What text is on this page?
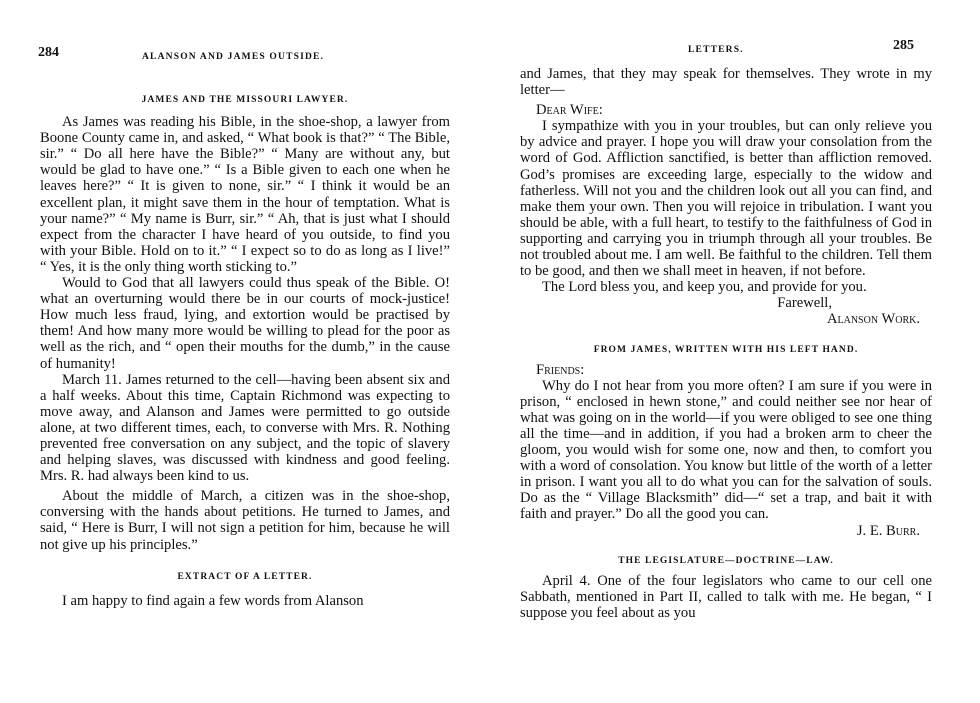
284	ALANSON AND JAMES OUTSIDE.

JAMES AND THE MISSOURI LAWYER.

As James was reading his Bible, in the shoe-shop, a lawyer from Boone County came in, and asked, “ What book is that?” “ The Bible, sir.” “ Do all here have the Bible?” “ Many are without any, but would be glad to have one.” “ Is a Bible given to each one when he leaves here?” “ It is given to none, sir.” “ I think it would be an excellent plan, it might save them in the hour of temptation. What is your name?” “ My name is Burr, sir.” “ Ah, that is just what I should expect from the character I have heard of you outside, to find you with your Bible. Hold on to it.” “ I expect so to do as long as I live!” “ Yes, it is the only thing worth sticking to.”

Would to God that all lawyers could thus speak of the Bible. O! what an overturning would there be in our courts of mock-justice! How much less fraud, lying, and extortion would be practised by them! And how many more would be willing to plead for the poor as well as the rich, and “ open their mouths for the dumb,” in the cause of humanity!

March 11. James returned to the cell—having been absent six and a half weeks. About this time, Captain Richmond was expecting to move away, and Alanson and James were permitted to go outside alone, at two different times, each, to converse with Mrs. R. Nothing prevented free conversation on any subject, and the topic of slavery and helping slaves, was discussed with kindness and good feeling. Mrs. R. had always been kind to us.

About the middle of March, a citizen was in the shoe-shop, conversing with the hands about petitions. He turned to James, and said, “ Here is Burr, I will not sign a petition for him, because he will not give up his principles.”

EXTRACT OF A LETTER.

I am happy to find again a few words from Alanson

LETTERS.	285

and James, that they may speak for themselves. They wrote in my letter—

Dear Wife:

I sympathize with you in your troubles, but can only relieve you by advice and prayer. I hope you will draw your consolation from the word of God. Affliction sanctified, is better than affliction removed. God’s promises are exceeding large, especially to the widow and fatherless. Will not you and the children look out all you can find, and make them your own. Then you will rejoice in tribulation. I want you should be able, with a full heart, to testify to the faithfulness of God in supporting and carrying you in triumph through all your troubles. Be not troubled about me. I am well. Be faithful to the children. Tell them to be good, and then we shall meet in heaven, if not before.

The Lord bless you, and keep you, and provide for you.

Farewell,

Alanson Work.

FROM JAMES, WRITTEN WITH HIS LEFT HAND.

Friends:

Why do I not hear from you more often? I am sure if you were in prison, “ enclosed in hewn stone,” and could neither see nor hear of what was going on in the world—if you were obliged to see one thing all the time—and in addition, if you had a broken arm to cheer the gloom, you would wish for some one, now and then, to comfort you with a word of consolation. You know but little of the worth of a letter in prison. I want you all to do what you can for the salvation of souls. Do as the “ Village Blacksmith” did—“ set a trap, and bait it with faith and prayer.” Do all the good you can.

J. E. Burr.

THE LEGISLATURE—DOCTRINE—LAW.

April 4. One of the four legislators who came to our cell one Sabbath, mentioned in Part II, called to talk with me. He began, “ I suppose you feel about as you
